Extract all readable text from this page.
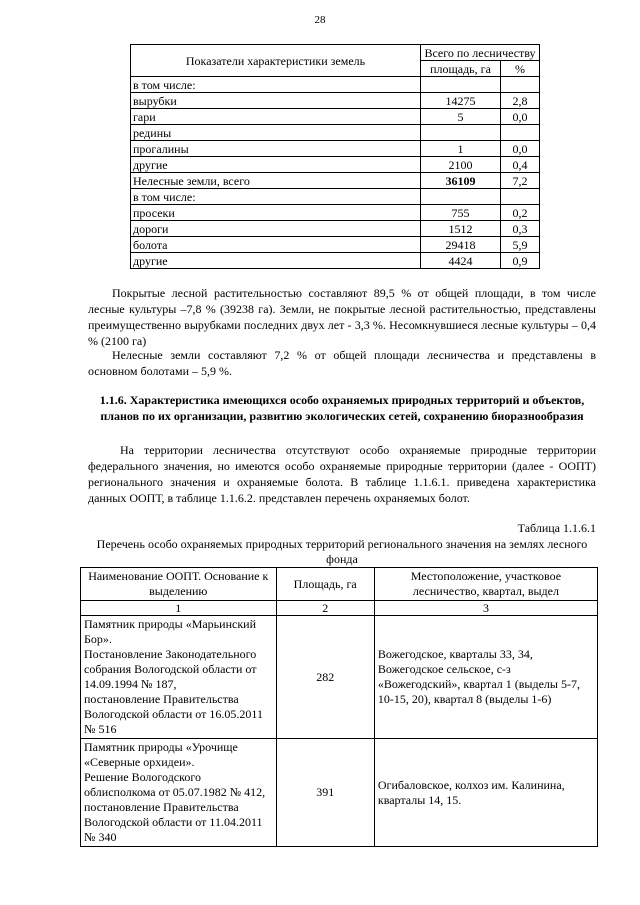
28
Показатели характеристики земель	Всего по лесничеству	
	площадь, га	%
в том числе:		
вырубки	14275	2,8
гари	5	0,0
редины		
прогалины	1	0,0
другие	2100	0,4
Нелесные земли, всего	36109	7,2
в том числе:		
просеки	755	0,2
дороги	1512	0,3
болота	29418	5,9
другие	4424	0,9

Покрытые лесной растительностью составляют 89,5 % от общей площади, в том числе лесные культуры –7,8 % (39238 га). Земли, не покрытые лесной растительностью, представлены преимущественно вырубками последних двух лет - 3,3 %. Несомкнувшиеся лесные культуры – 0,4 % (2100 га)

Нелесные земли составляют 7,2 % от общей площади лесничества и представлены в основном болотами – 5,9 %.

1.1.6. Характеристика имеющихся особо охраняемых природных территорий и объектов, планов по их организации, развитию экологических сетей, сохранению биоразнообразия

На территории лесничества отсутствуют особо охраняемые природные территории федерального значения, но имеются особо охраняемые природные территории (далее - ООПТ) регионального значения и охраняемые болота. В таблице 1.1.6.1. приведена характеристика данных ООПТ, в таблице 1.1.6.2. представлен перечень охраняемых болот.

Таблица 1.1.6.1

Перечень особо охраняемых природных территорий регионального значения на землях лесного фонда

Наименование ООПТ. Основание к выделению	Площадь, га	Местоположение, участковое лесничество, квартал, выдел
1	2	3
Памятник природы «Марьинский Бор».
Постановление Законодательного собрания Вологодской области от 14.09.1994 № 187,
постановление Правительства Вологодской области от 16.05.2011 № 516	282	Вожегодское, кварталы 33, 34,
Вожегодское сельское, с-з «Вожегодский», квартал 1 (выделы 5-7, 10-15, 20), квартал 8 (выделы 1-6)
Памятник природы «Урочище «Северные орхидеи».
Решение Вологодского облисполкома от 05.07.1982 № 412,
постановление Правительства Вологодской области от 11.04.2011 № 340	391	Огибаловское, колхоз им. Калинина, кварталы 14, 15.
